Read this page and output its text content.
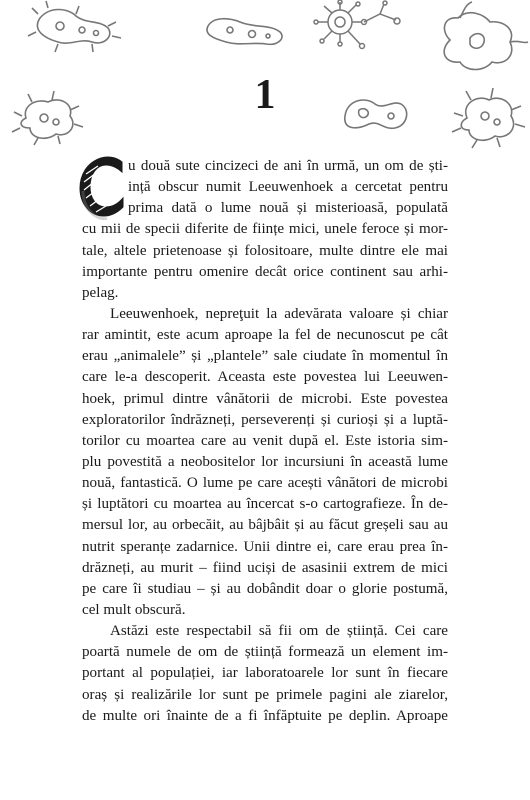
1

u două sute cincizeci de ani în urmă, un om de ști-
ință obscur numit Leeuwenhoek a cercetat pentru
prima dată o lume nouă și misterioasă, populată
cu mii de specii diferite de ființe mici, unele feroce și mor-
tale, altele prietenoase și folositoare, multe dintre ele mai
importante pentru omenire decât orice continent sau arhi-
pelag.

Leeuwenhoek, nepreţuit la adevărata valoare și chiar
rar amintit, este acum aproape la fel de necunoscut pe cât
erau „animalele” și „plantele” sale ciudate în momentul în
care le-a descoperit. Aceasta este povestea lui Leeuwen-
hoek, primul dintre vânătorii de microbi. Este povestea
exploratorilor îndrăzneți, perseverenți și curioși și a luptă-
torilor cu moartea care au venit după el. Este istoria sim-
plu povestită a neobositelor lor incursiuni în această lume
nouă, fantastică. O lume pe care acești vânători de microbi
și luptători cu moartea au încercat s-o cartografieze. În de-
mersul lor, au orbecăit, au bâjbâit și au făcut greșeli sau au
nutrit speranțe zadarnice. Unii dintre ei, care erau prea în-
drăzneți, au murit – fiind uciși de asasinii extrem de mici
pe care îi studiau – și au dobândit doar o glorie postumă,
cel mult obscură.

Astăzi este respectabil să fii om de știință. Cei care
poartă numele de om de știință formează un element im-
portant al populației, iar laboratoarele lor sunt în fiecare
oraș și realizările lor sunt pe primele pagini ale ziarelor,
de multe ori înainte de a fi înfăptuite pe deplin. Aproape
